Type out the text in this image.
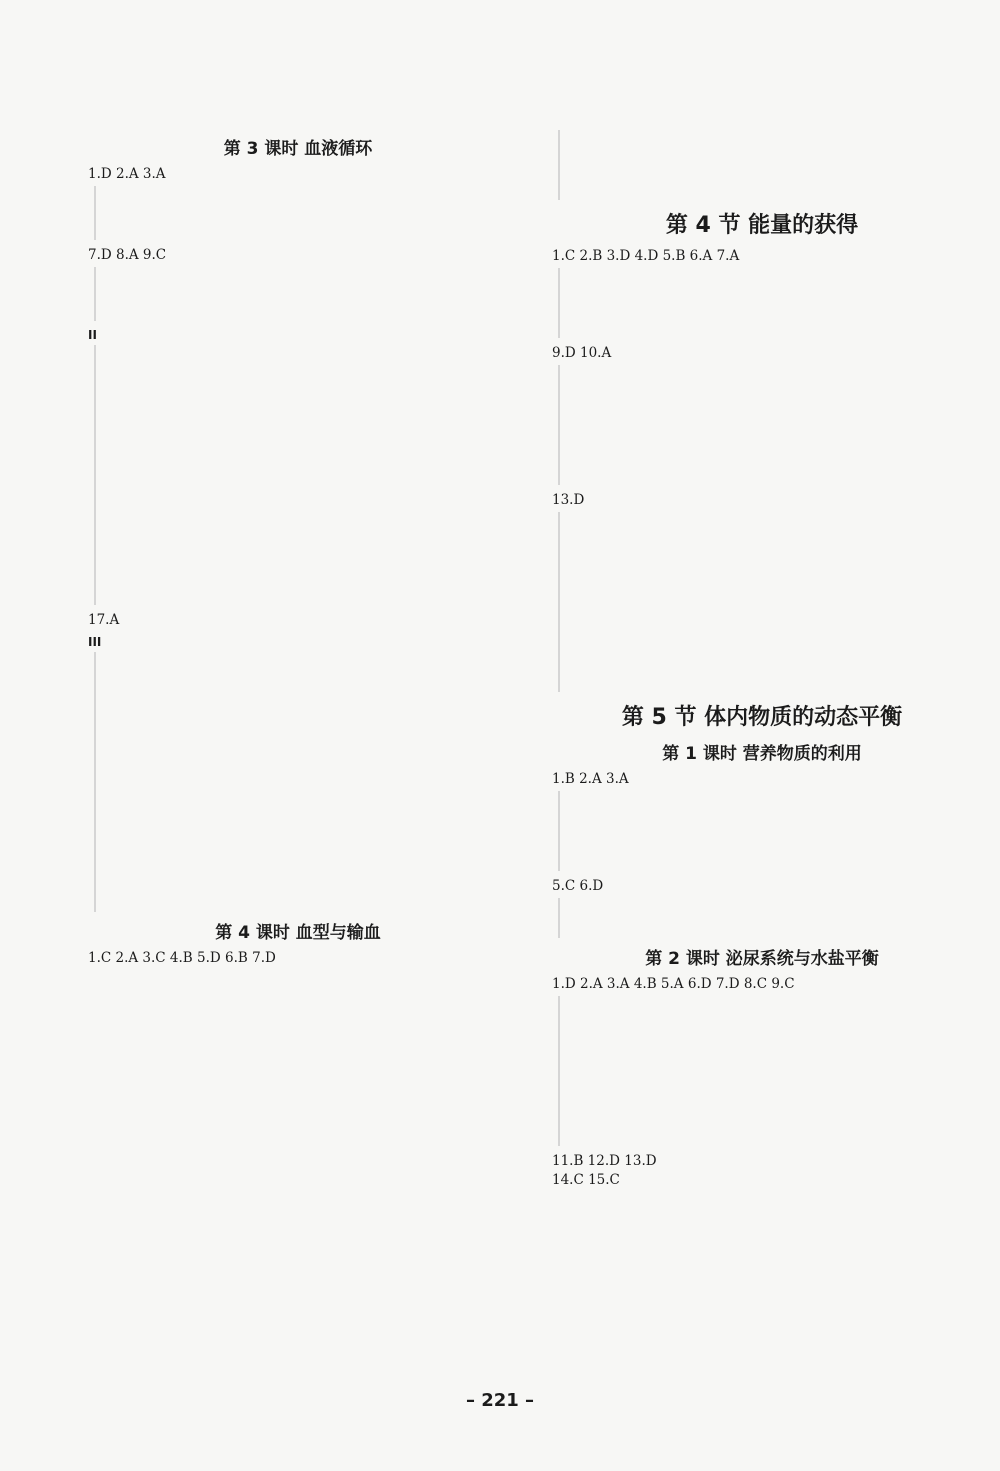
第 3 课时 血液循环
1.D 2.A 3.A
7.D 8.A 9.C
II
17.A
III
第 4 课时 血型与输血
1.C 2.A 3.C 4.B 5.D 6.B 7.D
第 4 节 能量的获得
1.C 2.B 3.D 4.D 5.B 6.A 7.A
9.D 10.A
13.D
第 5 节 体内物质的动态平衡
第 1 课时 营养物质的利用
1.B 2.A 3.A
5.C 6.D
第 2 课时 泌尿系统与水盐平衡
1.D 2.A 3.A 4.B 5.A 6.D 7.D 8.C 9.C
11.B 12.D 13.D
14.C 15.C
– 221 –
